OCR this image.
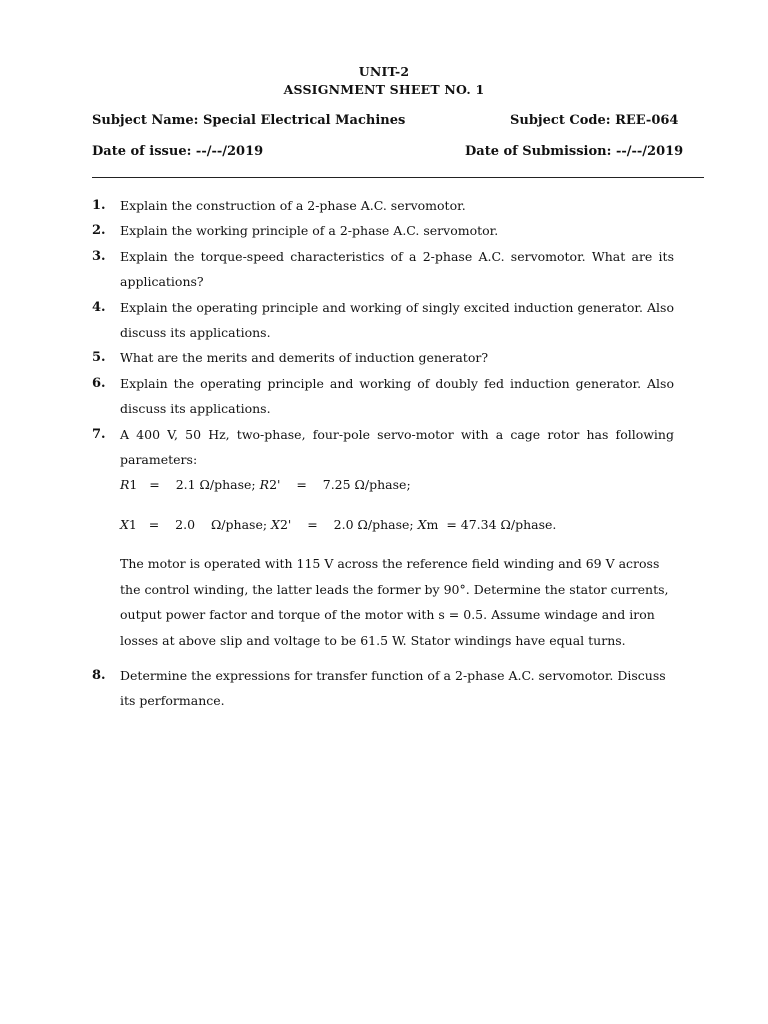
UNIT-2
ASSIGNMENT SHEET NO. 1
Subject Name: Special Electrical Machines	Subject Code: REE-064
Date of issue: --/--/2019	Date of Submission: --/--/2019
1. Explain the construction of a 2-phase A.C. servomotor.
2. Explain the working principle of a 2-phase A.C. servomotor.
3. Explain the torque-speed characteristics of a 2-phase A.C. servomotor. What are its applications?
4. Explain the operating principle and working of singly excited induction generator. Also discuss its applications.
5. What are the merits and demerits of induction generator?
6. Explain the operating principle and working of doubly fed induction generator. Also discuss its applications.
7. A 400 V, 50 Hz, two-phase, four-pole servo-motor with a cage rotor has following parameters:
R1 = 2.1 Ω/phase; R2' = 7.25 Ω/phase;
X1 = 2.0    Ω/phase; X2' = 2.0 Ω/phase; Xm = 47.34 Ω/phase.
The motor is operated with 115 V across the reference field winding and 69 V across the control winding, the latter leads the former by 90°. Determine the stator currents, output power factor and torque of the motor with s = 0.5. Assume windage and iron losses at above slip and voltage to be 61.5 W. Stator windings have equal turns.
8. Determine the expressions for transfer function of a 2-phase A.C. servomotor. Discuss its performance.
